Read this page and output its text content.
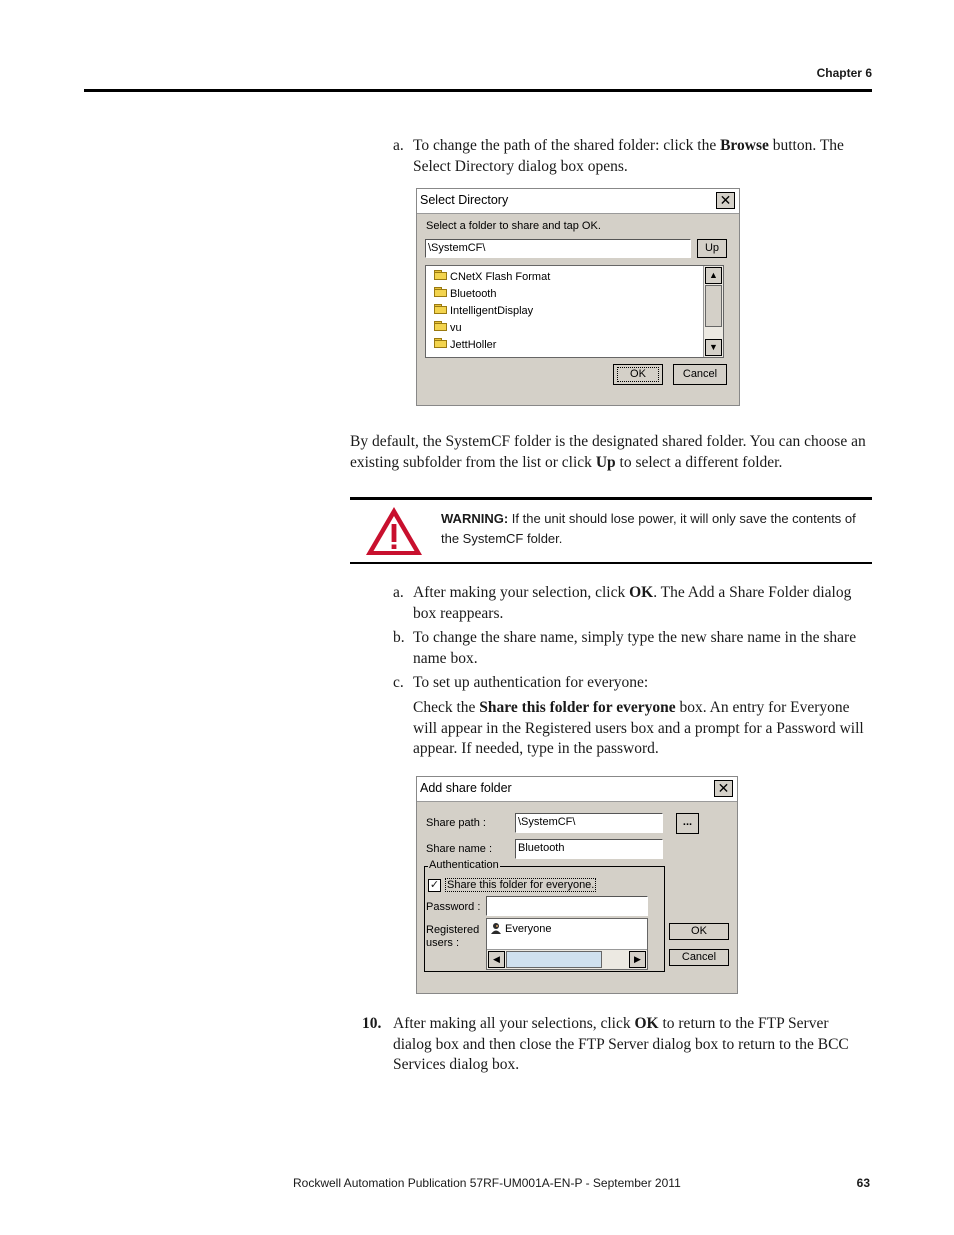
Chapter 6
a. To change the path of the shared folder: click the Browse button. The Select Directory dialog box opens.
Select Directory	✕
Select a folder to share and tap OK.
\SystemCF\	Up
CNetX Flash Format
Bluetooth
IntelligentDisplay
vu
JettHoller
▲
▼
OK	Cancel
By default, the SystemCF folder is the designated shared folder. You can choose an existing subfolder from the list or click Up to select a different folder.
WARNING: If the unit should lose power, it will only save the contents of the SystemCF folder.
a. After making your selection, click OK. The Add a Share Folder dialog box reappears.
b. To change the share name, simply type the new share name in the share name box.
c. To set up authentication for everyone:
Check the Share this folder for everyone box. An entry for Everyone will appear in the Registered users box and a prompt for a Password will appear. If needed, type in the password.
Add share folder	✕
Share path :	\SystemCF\	...
Share name : Bluetooth
Authentication
✓ Share this folder for everyone.
Password :
Registered users :
Everyone
◀	▶
OK
Cancel
10. After making all your selections, click OK to return to the FTP Server dialog box and then close the FTP Server dialog box to return to the BCC Services dialog box.
Rockwell Automation Publication 57RF-UM001A-EN-P - September 2011	63
